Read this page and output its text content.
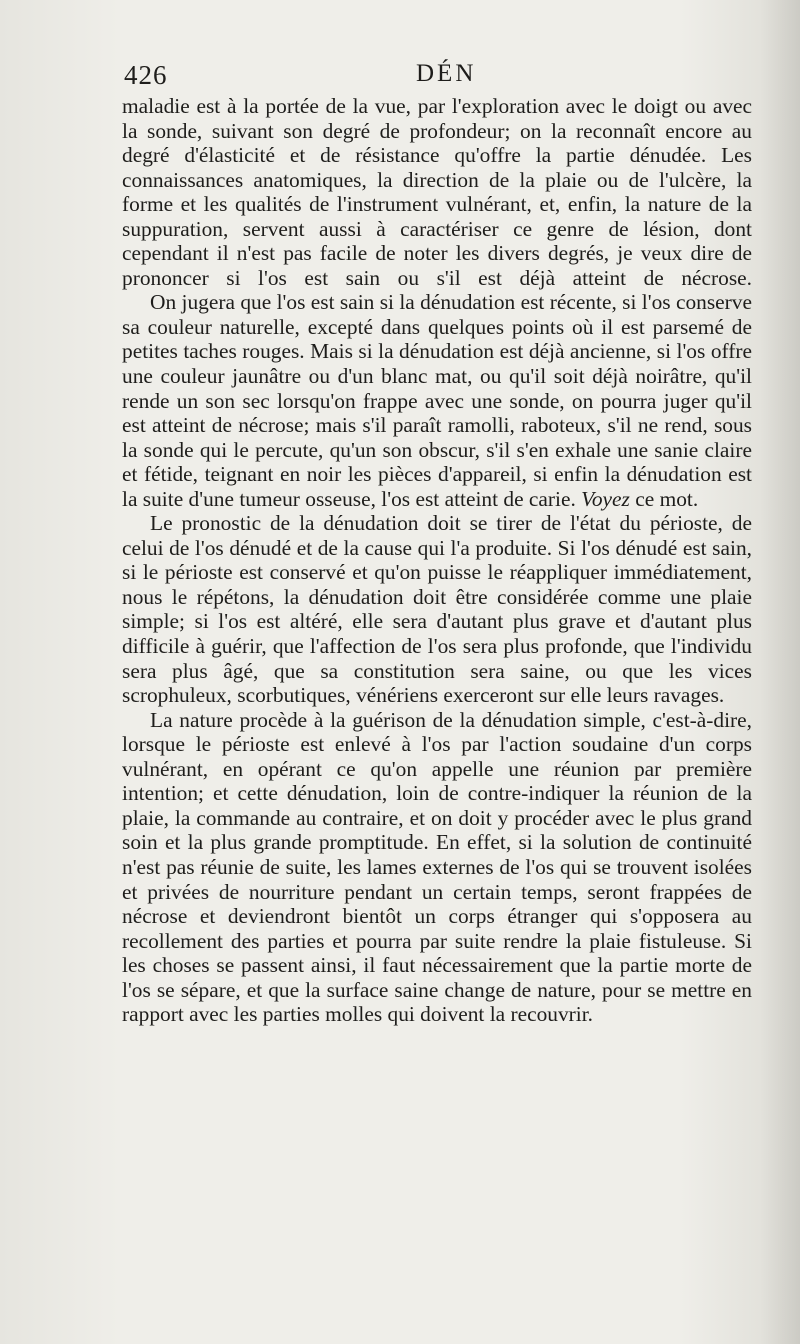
426	DÉN

maladie est à la portée de la vue, par l'exploration avec le doigt ou avec la sonde, suivant son degré de profondeur; on la reconnaît encore au degré d'élasticité et de résistance qu'offre la partie dénudée. Les connaissances anatomiques, la direction de la plaie ou de l'ulcère, la forme et les qualités de l'instrument vulnérant, et, enfin, la nature de la suppuration, servent aussi à caractériser ce genre de lésion, dont cependant il n'est pas facile de noter les divers degrés, je veux dire de prononcer si l'os est sain ou s'il est déjà atteint de nécrose.

On jugera que l'os est sain si la dénudation est récente, si l'os conserve sa couleur naturelle, excepté dans quelques points où il est parsemé de petites taches rouges. Mais si la dénudation est déjà ancienne, si l'os offre une couleur jaunâtre ou d'un blanc mat, ou qu'il soit déjà noirâtre, qu'il rende un son sec lorsqu'on frappe avec une sonde, on pourra juger qu'il est atteint de nécrose; mais s'il paraît ramolli, raboteux, s'il ne rend, sous la sonde qui le percute, qu'un son obscur, s'il s'en exhale une sanie claire et fétide, teignant en noir les pièces d'appareil, si enfin la dénudation est la suite d'une tumeur osseuse, l'os est atteint de carie. Voyez ce mot.

Le pronostic de la dénudation doit se tirer de l'état du périoste, de celui de l'os dénudé et de la cause qui l'a produite. Si l'os dénudé est sain, si le périoste est conservé et qu'on puisse le réappliquer immédiatement, nous le répétons, la dénudation doit être considérée comme une plaie simple; si l'os est altéré, elle sera d'autant plus grave et d'autant plus difficile à guérir, que l'affection de l'os sera plus profonde, que l'individu sera plus âgé, que sa constitution sera saine, ou que les vices scrophuleux, scorbutiques, vénériens exerceront sur elle leurs ravages.

La nature procède à la guérison de la dénudation simple, c'est-à-dire, lorsque le périoste est enlevé à l'os par l'action soudaine d'un corps vulnérant, en opérant ce qu'on appelle une réunion par première intention; et cette dénudation, loin de contre-indiquer la réunion de la plaie, la commande au contraire, et on doit y procéder avec le plus grand soin et la plus grande promptitude. En effet, si la solution de continuité n'est pas réunie de suite, les lames externes de l'os qui se trouvent isolées et privées de nourriture pendant un certain temps, seront frappées de nécrose et deviendront bientôt un corps étranger qui s'opposera au recollement des parties et pourra par suite rendre la plaie fistuleuse. Si les choses se passent ainsi, il faut nécessairement que la partie morte de l'os se sépare, et que la surface saine change de nature, pour se mettre en rapport avec les parties molles qui doivent la recouvrir.
